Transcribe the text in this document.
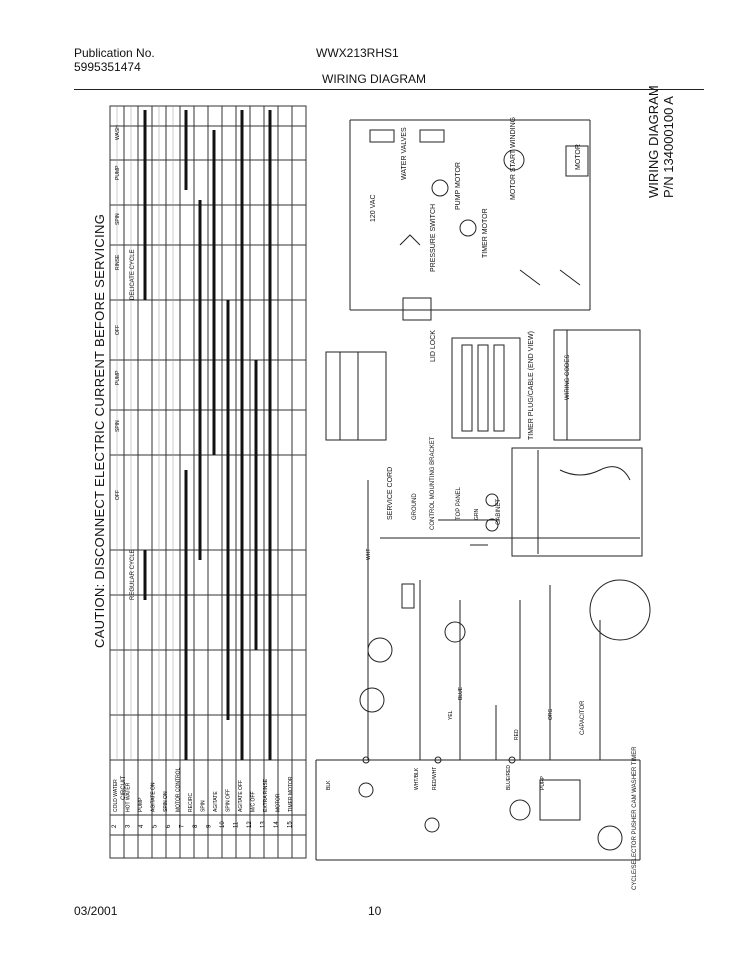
Publication No.
5995351474
WWX213RHS1
WIRING DIAGRAM
CAUTION: DISCONNECT ELECTRIC CURRENT BEFORE SERVICING
WIRING DIAGRAM P/N 134000100 A
COLD WATER HOT WATER PUMP AGITATE ON SPIN ON MOTOR CONTROL RECIRC SPIN AGITATE SPIN OFF AGITATE OFF M/C OFF EXTRA RINSE MOTOR TIMER MOTOR
2 3 4 5 6 7 8 9 10 11 12 13 14 15
WASH
PUMP
SPIN
RINSE
OFF
PUMP
SPIN
OFF
BLK
WHT
GRN
BLUE
RED
YEL	ORG
BLUE/RED
WHT/BLK RED/WHT	PURP
03/2001	10
120 VAC
WATER VALVES
PUMP MOTOR	MOTOR START WINDING	MOTOR
TIMER MOTOR
PRESSURE SWITCH
LID LOCK	TIMER PLUG/CABLE (END VIEW)
SERVICE CORD	CONTROL MOUNTING BRACKET	TOP PANEL	CABINET
GROUND
CAPACITOR
CYCLE/SELECTOR PUSHER CAM WASHER TIMER
WIRING CODES
CIRCUIT
REGULAR CYCLE
DELICATE CYCLE
